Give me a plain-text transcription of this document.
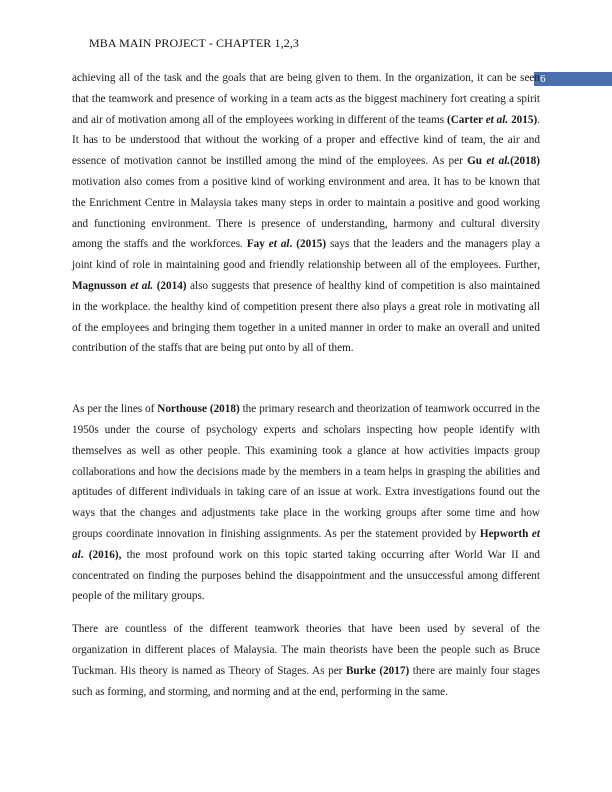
MBA MAIN PROJECT - CHAPTER 1,2,3
6

achieving all of the task and the goals that are being given to them. In the organization, it can be seen that the teamwork and presence of working in a team acts as the biggest machinery fort creating a spirit and air of motivation among all of the employees working in different of the teams (Carter et al. 2015). It has to be understood that without the working of a proper and effective kind of team, the air and essence of motivation cannot be instilled among the mind of the employees. As per Gu et al.(2018) motivation also comes from a positive kind of working environment and area. It has to be known that the Enrichment Centre in Malaysia takes many steps in order to maintain a positive and good working and functioning environment. There is presence of understanding, harmony and cultural diversity among the staffs and the workforces. Fay et al. (2015) says that the leaders and the managers play a joint kind of role in maintaining good and friendly relationship between all of the employees. Further, Magnusson et al. (2014) also suggests that presence of healthy kind of competition is also maintained in the workplace. the healthy kind of competition present there also plays a great role in motivating all of the employees and bringing them together in a united manner in order to make an overall and united contribution of the staffs that are being put onto by all of them.

As per the lines of Northouse (2018) the primary research and theorization of teamwork occurred in the 1950s under the course of psychology experts and scholars inspecting how people identify with themselves as well as other people. This examining took a glance at how activities impacts group collaborations and how the decisions made by the members in a team helps in grasping the abilities and aptitudes of different individuals in taking care of an issue at work. Extra investigations found out the ways that the changes and adjustments take place in the working groups after some time and how groups coordinate innovation in finishing assignments. As per the statement provided by Hepworth et al. (2016), the most profound work on this topic started taking occurring after World War II and concentrated on finding the purposes behind the disappointment and the unsuccessful among different people of the military groups.

There are countless of the different teamwork theories that have been used by several of the organization in different places of Malaysia. The main theorists have been the people such as Bruce Tuckman. His theory is named as Theory of Stages. As per Burke (2017) there are mainly four stages such as forming, and storming, and norming and at the end, performing in the same.
